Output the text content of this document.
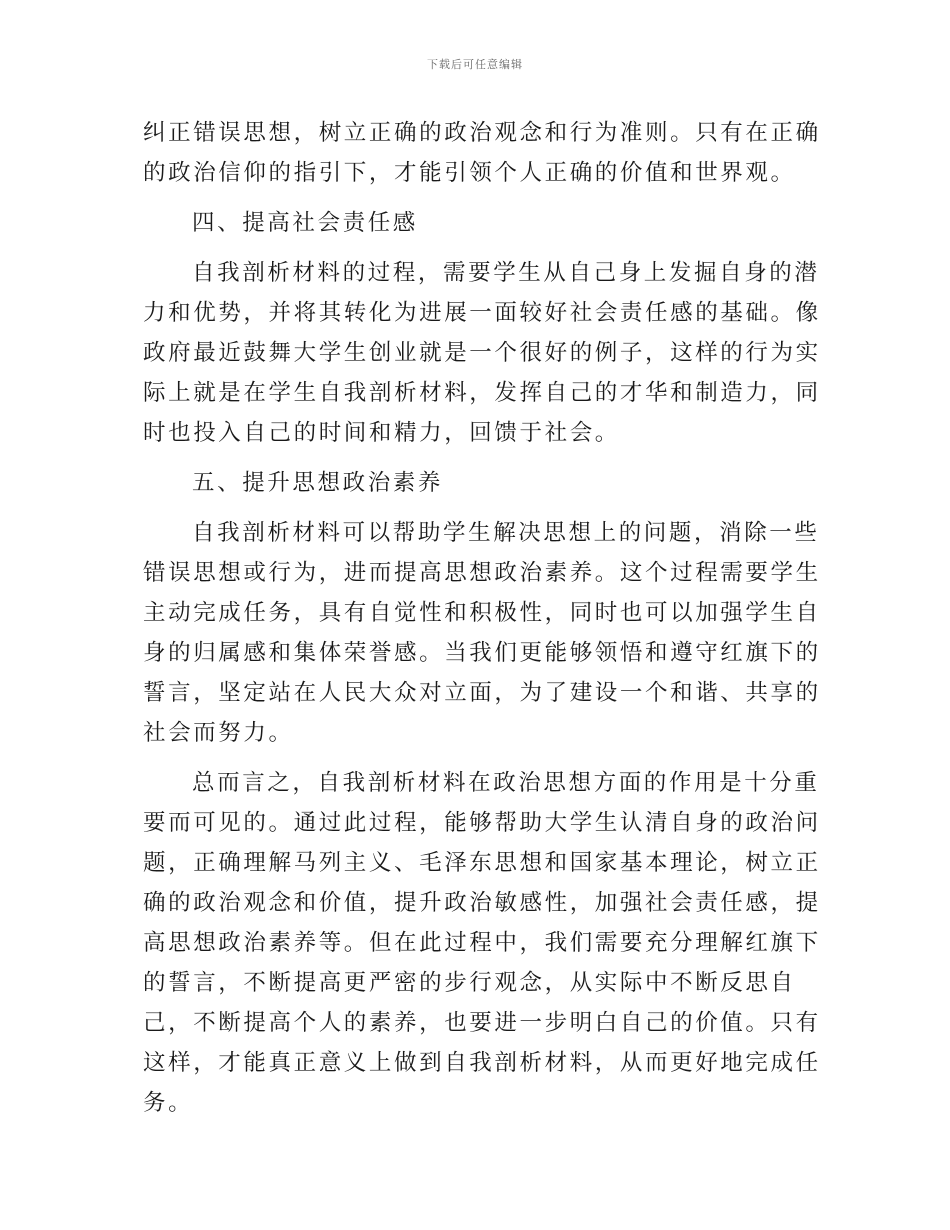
下载后可任意编辑
纠正错误思想，树立正确的政治观念和行为准则。只有在正确
的政治信仰的指引下，才能引领个人正确的价值和世界观。
四、提高社会责任感
自我剖析材料的过程，需要学生从自己身上发掘自身的潜
力和优势，并将其转化为进展一面较好社会责任感的基础。像
政府最近鼓舞大学生创业就是一个很好的例子，这样的行为实
际上就是在学生自我剖析材料，发挥自己的才华和制造力，同
时也投入自己的时间和精力，回馈于社会。
五、提升思想政治素养
自我剖析材料可以帮助学生解决思想上的问题，消除一些
错误思想或行为，进而提高思想政治素养。这个过程需要学生
主动完成任务，具有自觉性和积极性，同时也可以加强学生自
身的归属感和集体荣誉感。当我们更能够领悟和遵守红旗下的
誓言，坚定站在人民大众对立面，为了建设一个和谐、共享的
社会而努力。
总而言之，自我剖析材料在政治思想方面的作用是十分重
要而可见的。通过此过程，能够帮助大学生认清自身的政治问
题，正确理解马列主义、毛泽东思想和国家基本理论，树立正
确的政治观念和价值，提升政治敏感性，加强社会责任感，提
高思想政治素养等。但在此过程中，我们需要充分理解红旗下
的誓言，不断提高更严密的步行观念，从实际中不断反思自
己，不断提高个人的素养，也要进一步明白自己的价值。只有
这样，才能真正意义上做到自我剖析材料，从而更好地完成任
务。
